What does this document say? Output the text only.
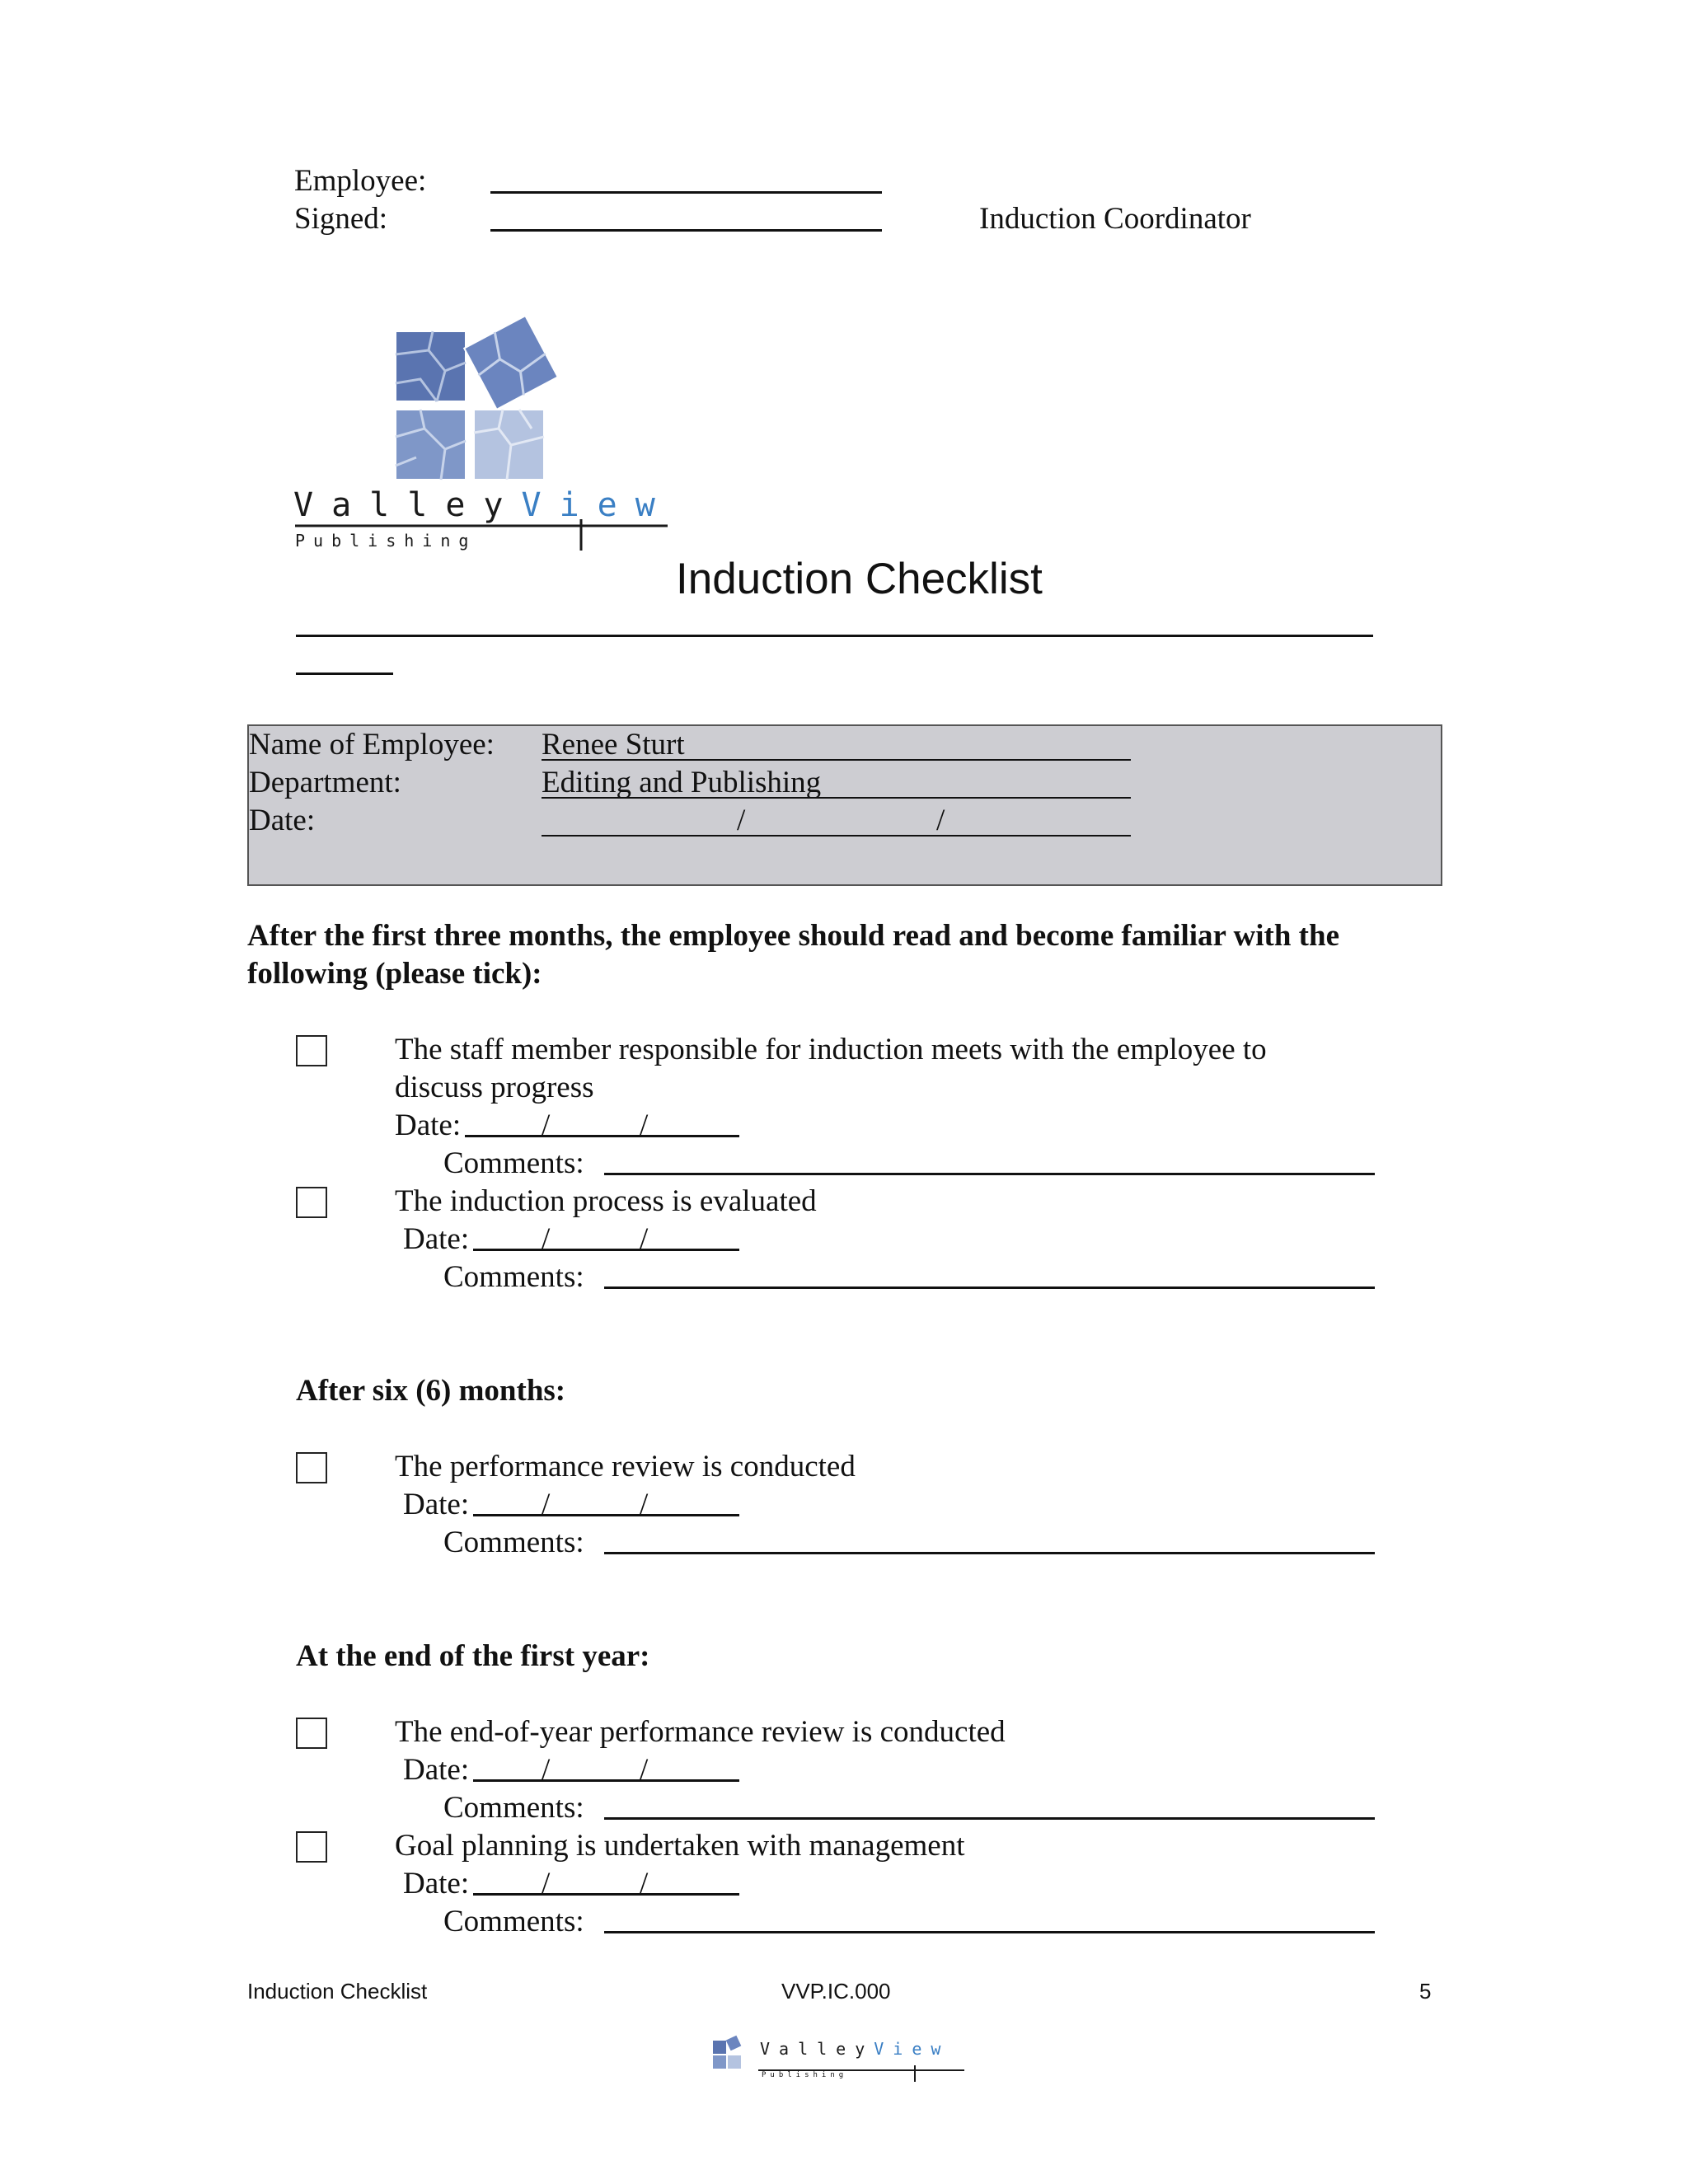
Employee:
Signed:	Induction Coordinator
ValleyView
Publishing
Induction Checklist
Name of Employee: Renee Sturt
Department:	Editing and Publishing
Date:	/	/
After the first three months, the employee should read and become familiar with the
following (please tick):
The staff member responsible for induction meets with the employee to
discuss progress
Date:	/	/
Comments:
The induction process is evaluated
Date: /	/
Comments:
After six (6) months:
The performance review is conducted
Date: /	/
Comments:
At the end of the first year:
The end-of-year performance review is conducted
Date: /	/
Comments:
Goal planning is undertaken with management
Date: /	/
Comments:
Induction Checklist	VVP.IC.000	5
ValleyView
Publishing
